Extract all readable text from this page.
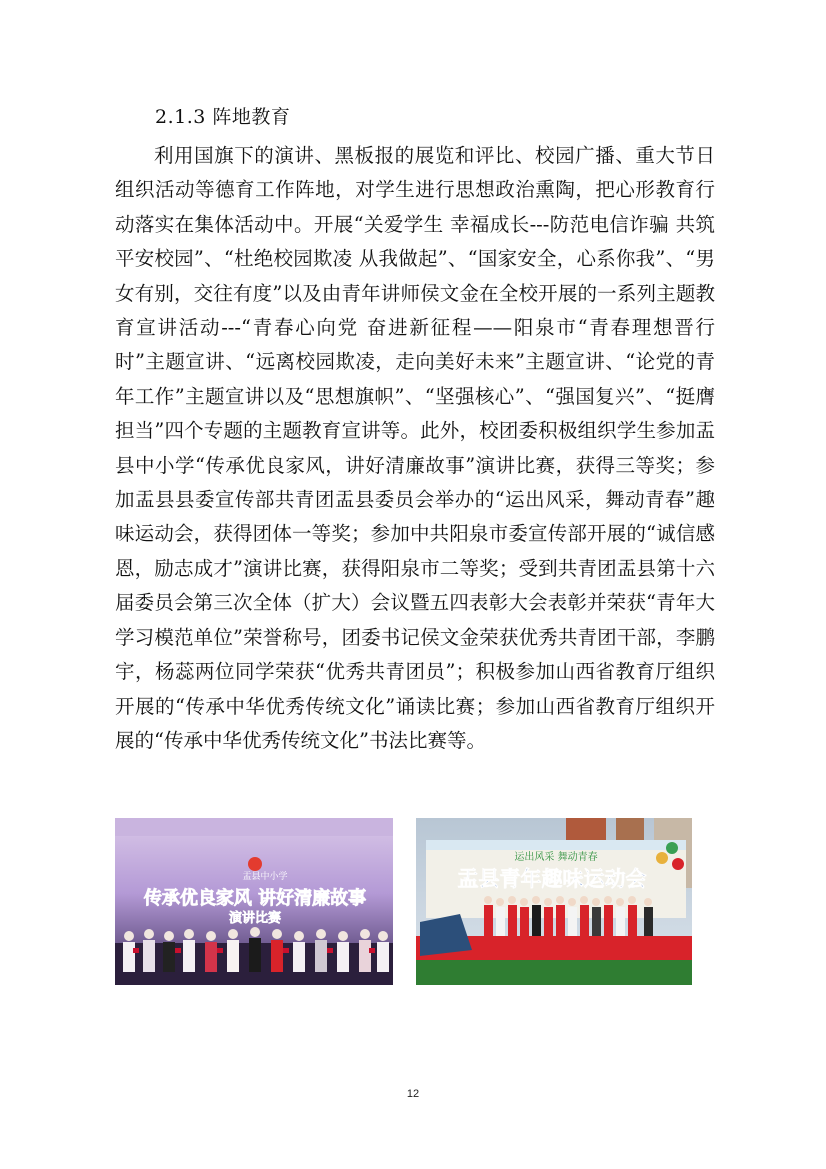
2.1.3 阵地教育

利用国旗下的演讲、黑板报的展览和评比、校园广播、重大节日组织活动等德育工作阵地，对学生进行思想政治熏陶，把心形教育行动落实在集体活动中。开展“关爱学生 幸福成长---防范电信诈骗 共筑平安校园”、“杜绝校园欺凌 从我做起”、“国家安全，心系你我”、“男女有别，交往有度”以及由青年讲师侯文金在全校开展的一系列主题教育宣讲活动---“青春心向党 奋进新征程——阳泉市“青春理想晋行时”主题宣讲、“远离校园欺凌，走向美好未来”主题宣讲、“论党的青年工作”主题宣讲以及“思想旗帜”、“坚强核心”、“强国复兴”、“挺膺担当”四个专题的主题教育宣讲等。此外，校团委积极组织学生参加盂县中小学“传承优良家风，讲好清廉故事”演讲比赛，获得三等奖；参加盂县县委宣传部共青团盂县委员会举办的“运出风采，舞动青春”趣味运动会，获得团体一等奖；参加中共阳泉市委宣传部开展的“诚信感恩，励志成才”演讲比赛，获得阳泉市二等奖；受到共青团盂县第十六届委员会第三次全体（扩大）会议暨五四表彰大会表彰并荣获“青年大学习模范单位”荣誉称号，团委书记侯文金荣获优秀共青团干部，李鹏宇，杨蕊两位同学荣获“优秀共青团员”；积极参加山西省教育厅组织开展的“传承中华优秀传统文化”诵读比赛；参加山西省教育厅组织开展的“传承中华优秀传统文化”书法比赛等。

盂县中小学
传承优良家风 讲好清廉故事
演讲比赛
运出风采 舞动青春
盂县青年趣味运动会
12
